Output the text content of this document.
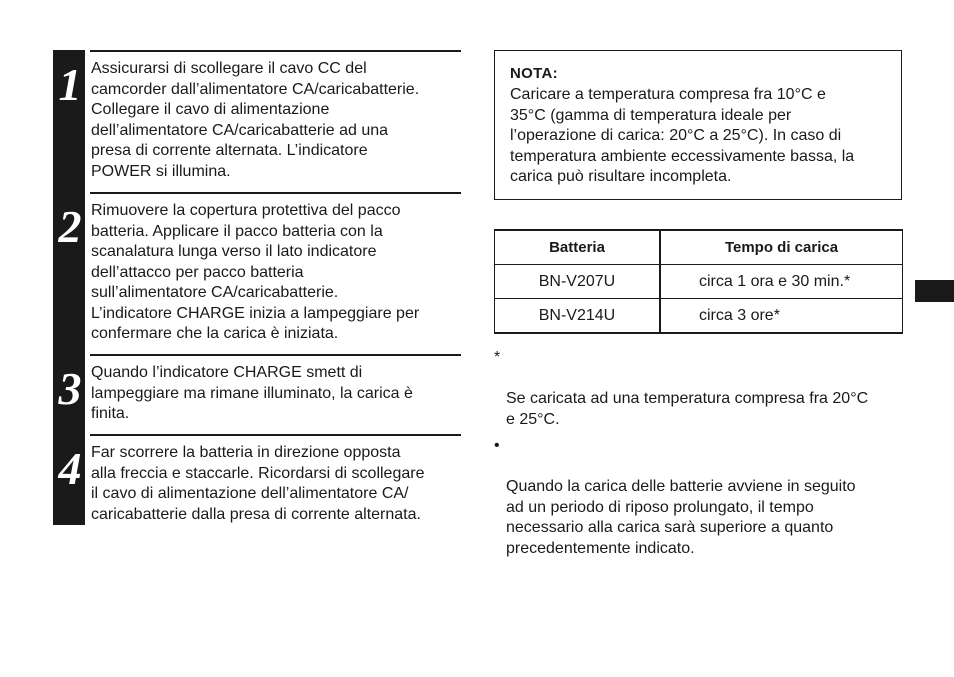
1 Assicurarsi di scollegare il cavo CC del
camcorder dall’alimentatore CA/caricabatterie.
Collegare il cavo di alimentazione
dell’alimentatore CA/caricabatterie ad una
presa di corrente alternata. L’indicatore
POWER si illumina.
2 Rimuovere la copertura protettiva del pacco
batteria. Applicare il pacco batteria con la
scanalatura lunga verso il lato indicatore
dell’attacco per pacco batteria
sull’alimentatore CA/caricabatterie.
L’indicatore CHARGE inizia a lampeggiare per
confermare che la carica è iniziata.
3 Quando l’indicatore CHARGE smett di
lampeggiare ma rimane illuminato, la carica è
finita.
4 Far scorrere la batteria in direzione opposta
alla freccia e staccarle. Ricordarsi di scollegare
il cavo di alimentazione dell’alimentatore CA/
caricabatterie dalla presa di corrente alternata.
NOTA:
Caricare a temperatura compresa fra 10°C e
35°C (gamma di temperatura ideale per
l’operazione di carica: 20°C a 25°C). In caso di
temperatura ambiente eccessivamente bassa, la
carica può risultare incompleta.
Batteria	Tempo di carica
BN-V207U	circa 1 ora e 30 min.*
BN-V214U	circa 3 ore*

*

Se caricata ad una temperatura compresa fra 20°C
e 25°C.

•

Quando la carica delle batterie avviene in seguito
ad un periodo di riposo prolungato, il tempo
necessario alla carica sarà superiore a quanto
precedentemente indicato.
